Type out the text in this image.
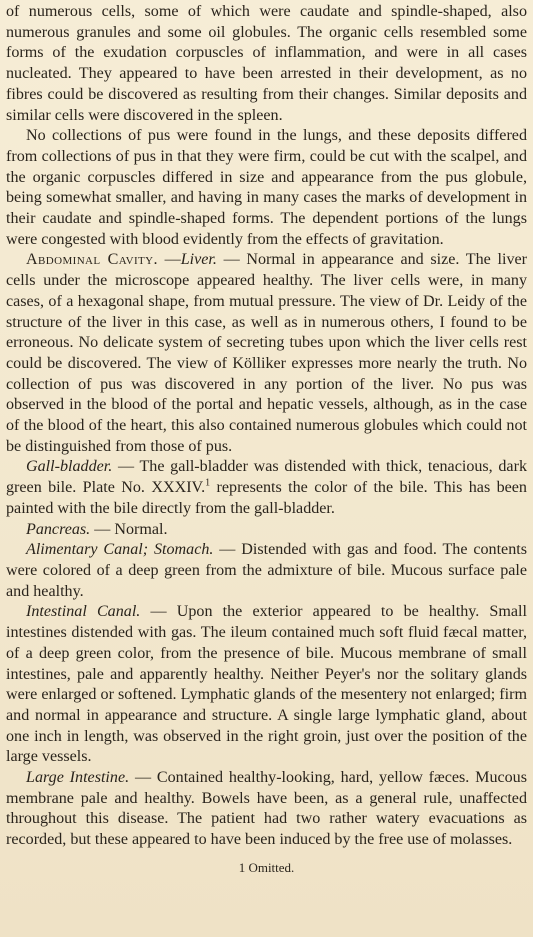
of numerous cells, some of which were caudate and spindle-shaped, also numerous granules and some oil globules. The organic cells resembled some forms of the exudation corpuscles of inflammation, and were in all cases nucleated. They appeared to have been arrested in their development, as no fibres could be discovered as resulting from their changes. Similar deposits and similar cells were discovered in the spleen.

No collections of pus were found in the lungs, and these deposits differed from collections of pus in that they were firm, could be cut with the scalpel, and the organic corpuscles differed in size and appearance from the pus globule, being somewhat smaller, and having in many cases the marks of development in their caudate and spindle-shaped forms. The dependent portions of the lungs were congested with blood evidently from the effects of gravitation.

Abdominal Cavity. —Liver. — Normal in appearance and size. The liver cells under the microscope appeared healthy. The liver cells were, in many cases, of a hexagonal shape, from mutual pressure. The view of Dr. Leidy of the structure of the liver in this case, as well as in numerous others, I found to be erroneous. No delicate system of secreting tubes upon which the liver cells rest could be discovered. The view of Kölliker expresses more nearly the truth. No collection of pus was discovered in any portion of the liver. No pus was observed in the blood of the portal and hepatic vessels, although, as in the case of the blood of the heart, this also contained numerous globules which could not be distinguished from those of pus.

Gall-bladder. — The gall-bladder was distended with thick, tenacious, dark green bile. Plate No. XXXIV.$^1$ represents the color of the bile. This has been painted with the bile directly from the gall-bladder.

Pancreas. — Normal.

Alimentary Canal; Stomach. — Distended with gas and food. The contents were colored of a deep green from the admixture of bile. Mucous surface pale and healthy.

Intestinal Canal. — Upon the exterior appeared to be healthy. Small intestines distended with gas. The ileum contained much soft fluid fæcal matter, of a deep green color, from the presence of bile. Mucous membrane of small intestines, pale and apparently healthy. Neither Peyer's nor the solitary glands were enlarged or softened. Lymphatic glands of the mesentery not enlarged; firm and normal in appearance and structure. A single large lymphatic gland, about one inch in length, was observed in the right groin, just over the position of the large vessels.

Large Intestine. — Contained healthy-looking, hard, yellow fæces. Mucous membrane pale and healthy. Bowels have been, as a general rule, unaffected throughout this disease. The patient had two rather watery evacuations as recorded, but these appeared to have been induced by the free use of molasses.

1 Omitted.
